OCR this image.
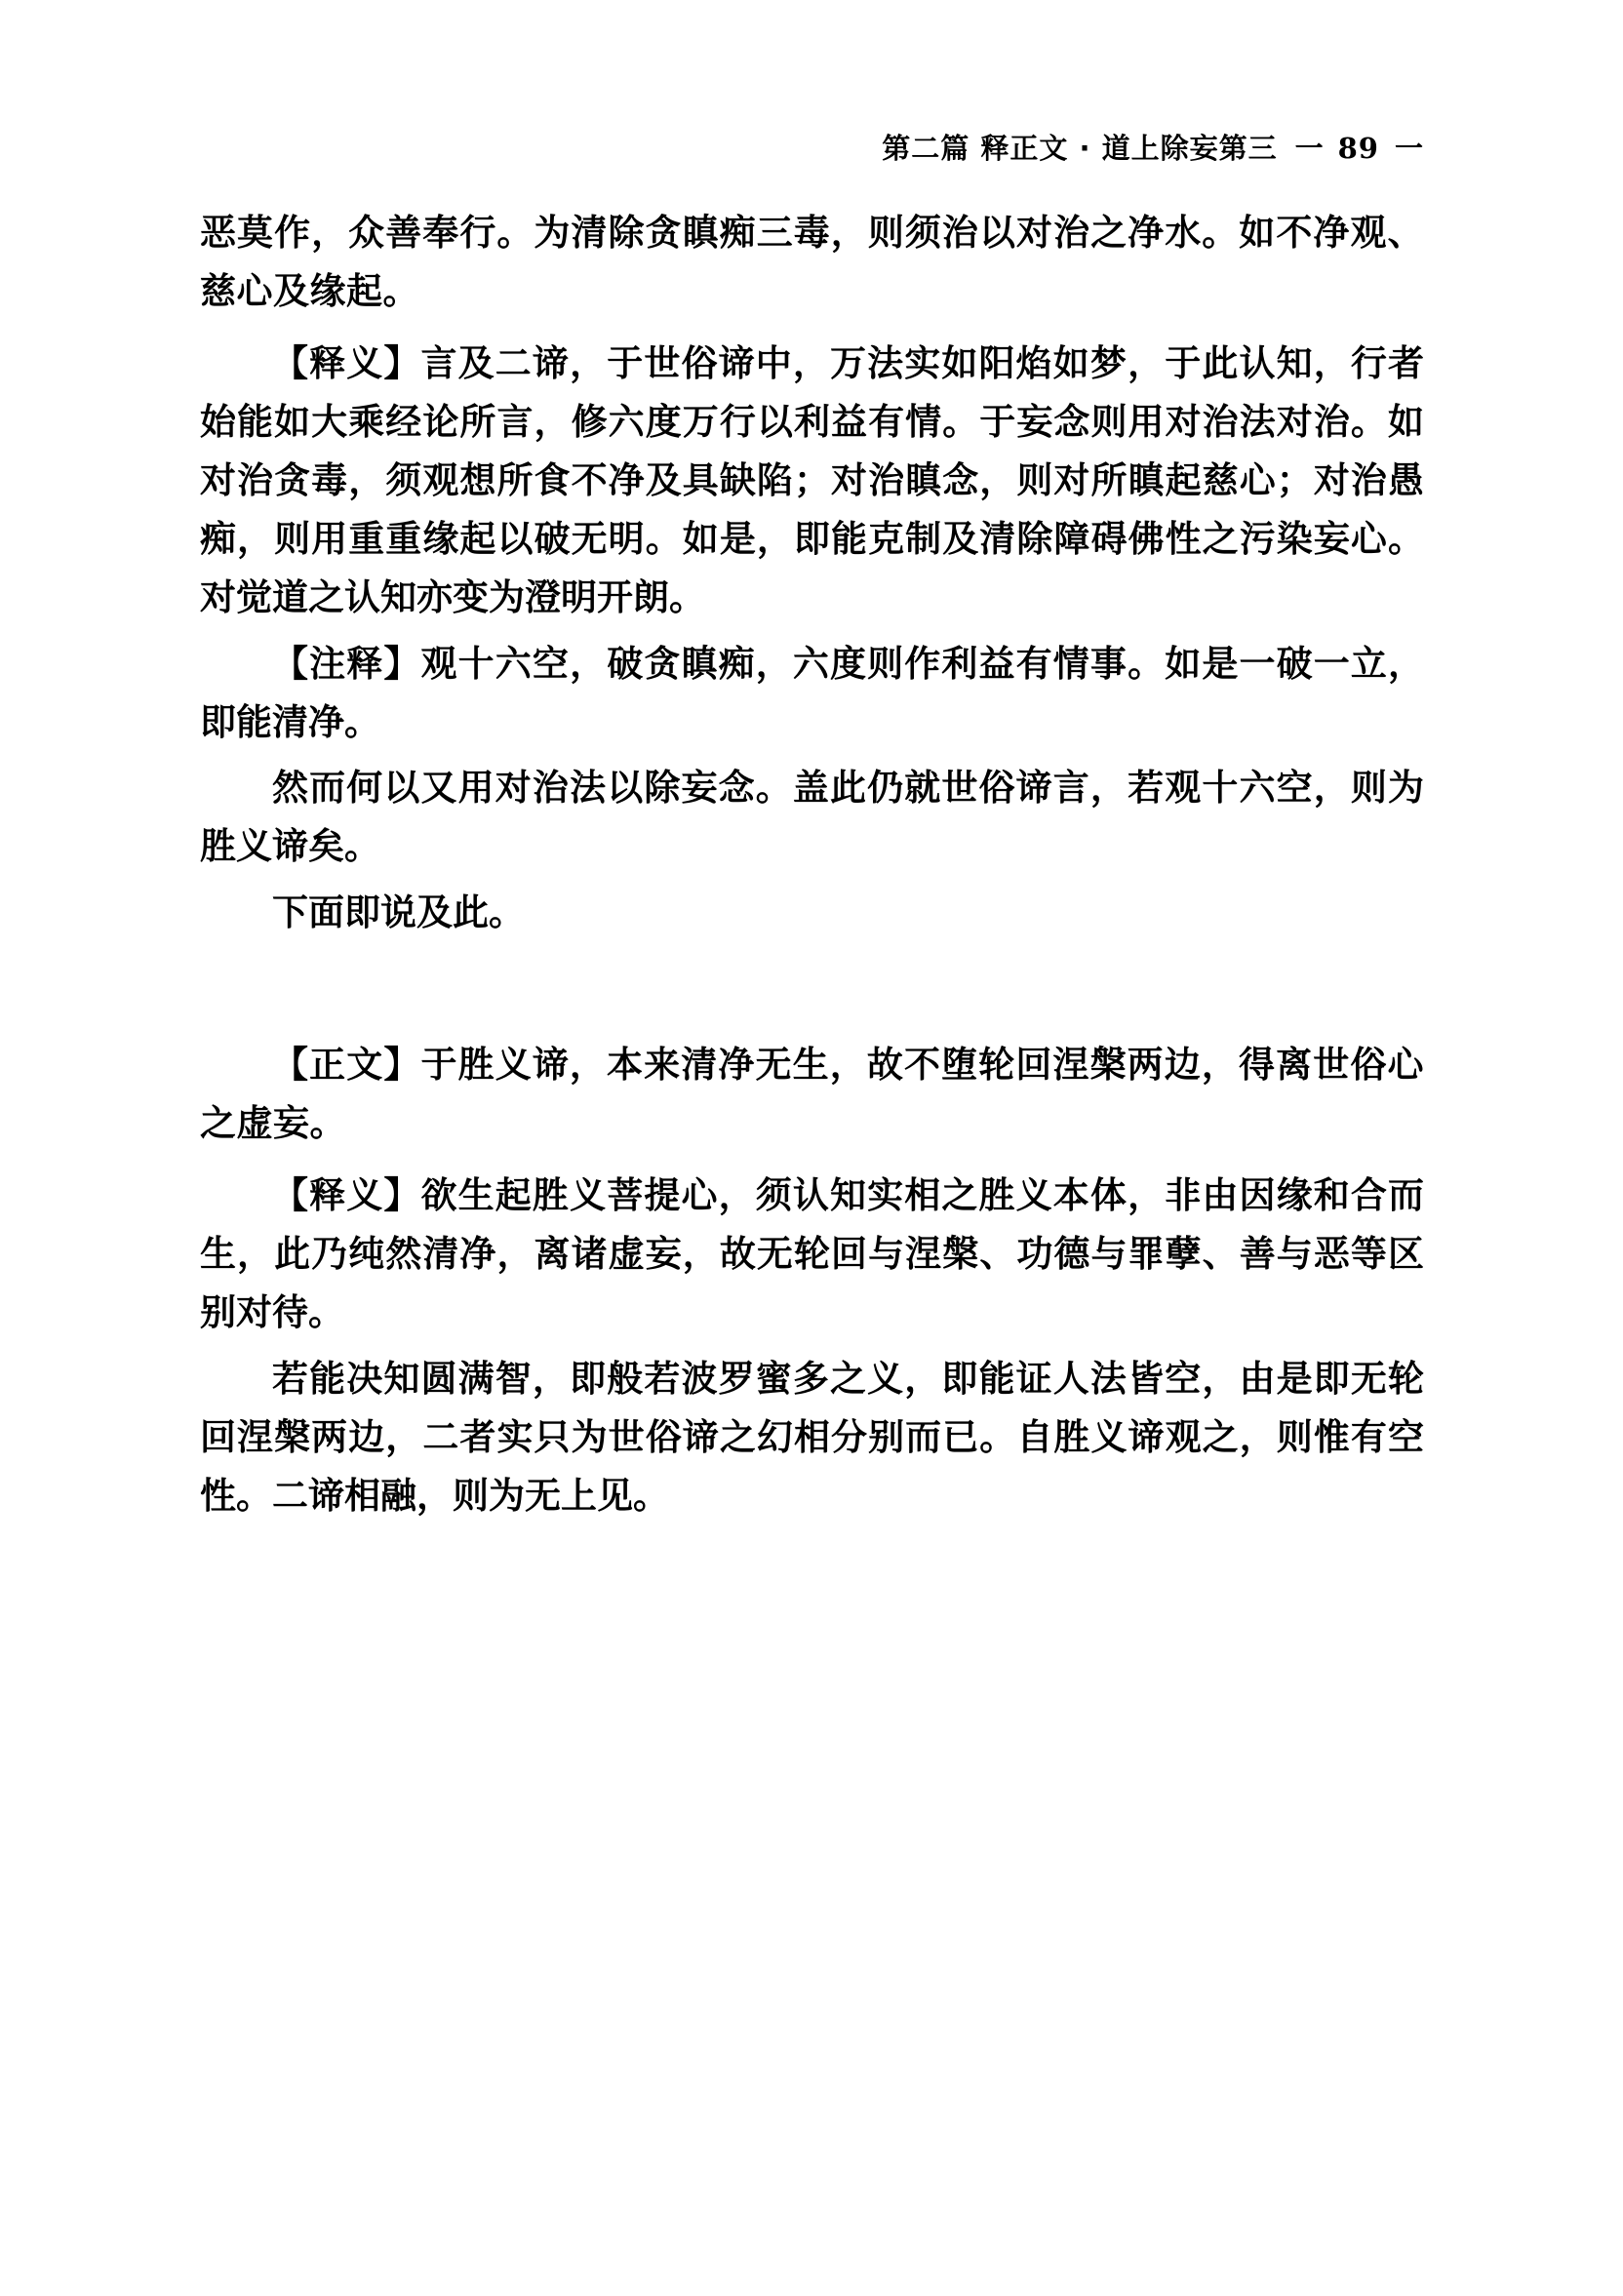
第二篇 释正文 · 道上除妄第三 一 89 一

恶莫作，众善奉行。为清除贪瞋痴三毒，则须治以对治之净水。如不净观、慈心及缘起。

【释义】言及二谛，于世俗谛中，万法实如阳焰如梦，于此认知，行者始能如大乘经论所言，修六度万行以利益有情。于妄念则用对治法对治。如对治贪毒，须观想所食不净及具缺陷；对治瞋念，则对所瞋起慈心；对治愚痴，则用重重缘起以破无明。如是，即能克制及清除障碍佛性之污染妄心。对觉道之认知亦变为澄明开朗。

【注释】观十六空，破贪瞋痴，六度则作利益有情事。如是一破一立，即能清净。

然而何以又用对治法以除妄念。盖此仍就世俗谛言，若观十六空，则为胜义谛矣。

下面即说及此。

【正文】于胜义谛，本来清净无生，故不堕轮回涅槃两边，得离世俗心之虚妄。

【释义】欲生起胜义菩提心，须认知实相之胜义本体，非由因缘和合而生，此乃纯然清净，离诸虚妄，故无轮回与涅槃、功德与罪孽、善与恶等区别对待。

若能决知圆满智，即般若波罗蜜多之义，即能证人法皆空，由是即无轮回涅槃两边，二者实只为世俗谛之幻相分别而已。自胜义谛观之，则惟有空性。二谛相融，则为无上见。
